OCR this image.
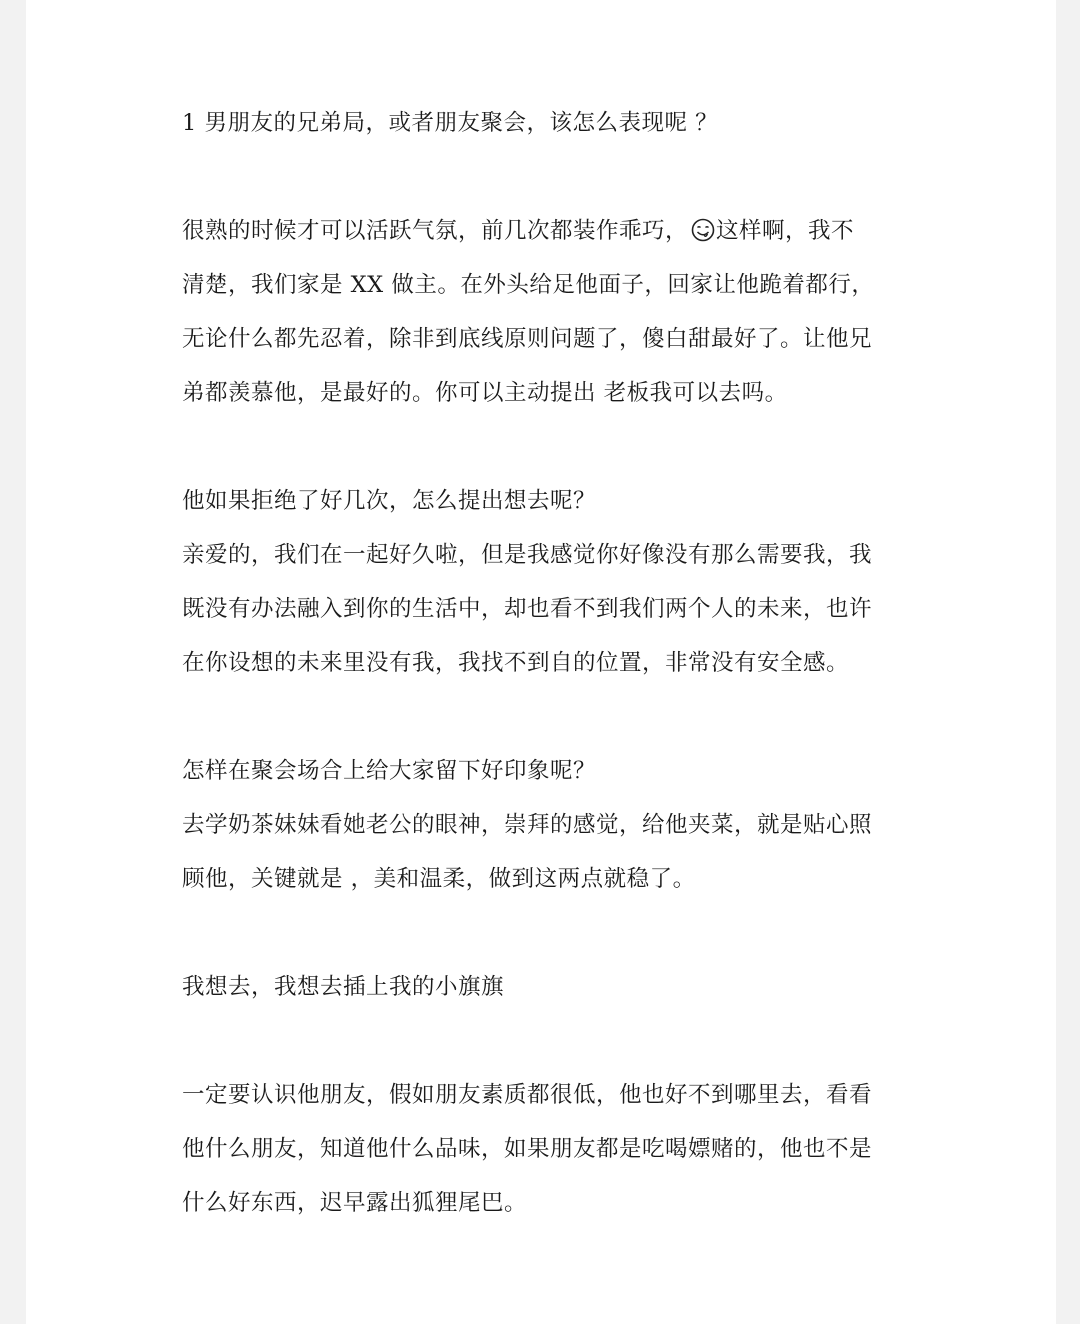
1 男朋友的兄弟局，或者朋友聚会，该怎么表现呢 ？
很熟的时候才可以活跃气氛，前几次都装作乖巧， 这样啊，我不
清楚，我们家是 XX 做主。在外头给足他面子，回家让他跪着都行，
无论什么都先忍着，除非到底线原则问题了，傻白甜最好了。让他兄
弟都羡慕他，是最好的。你可以主动提出 老板我可以去吗。
他如果拒绝了好几次，怎么提出想去呢？
亲爱的，我们在一起好久啦，但是我感觉你好像没有那么需要我，我
既没有办法融入到你的生活中，却也看不到我们两个人的未来，也许
在你设想的未来里没有我，我找不到自的位置，非常没有安全感。
怎样在聚会场合上给大家留下好印象呢？
去学奶茶妹妹看她老公的眼神，崇拜的感觉，给他夹菜，就是贴心照
顾他，关键就是 ，美和温柔，做到这两点就稳了。
我想去，我想去插上我的小旗旗
一定要认识他朋友，假如朋友素质都很低，他也好不到哪里去，看看
他什么朋友，知道他什么品味，如果朋友都是吃喝嫖赌的，他也不是
什么好东西，迟早露出狐狸尾巴。
